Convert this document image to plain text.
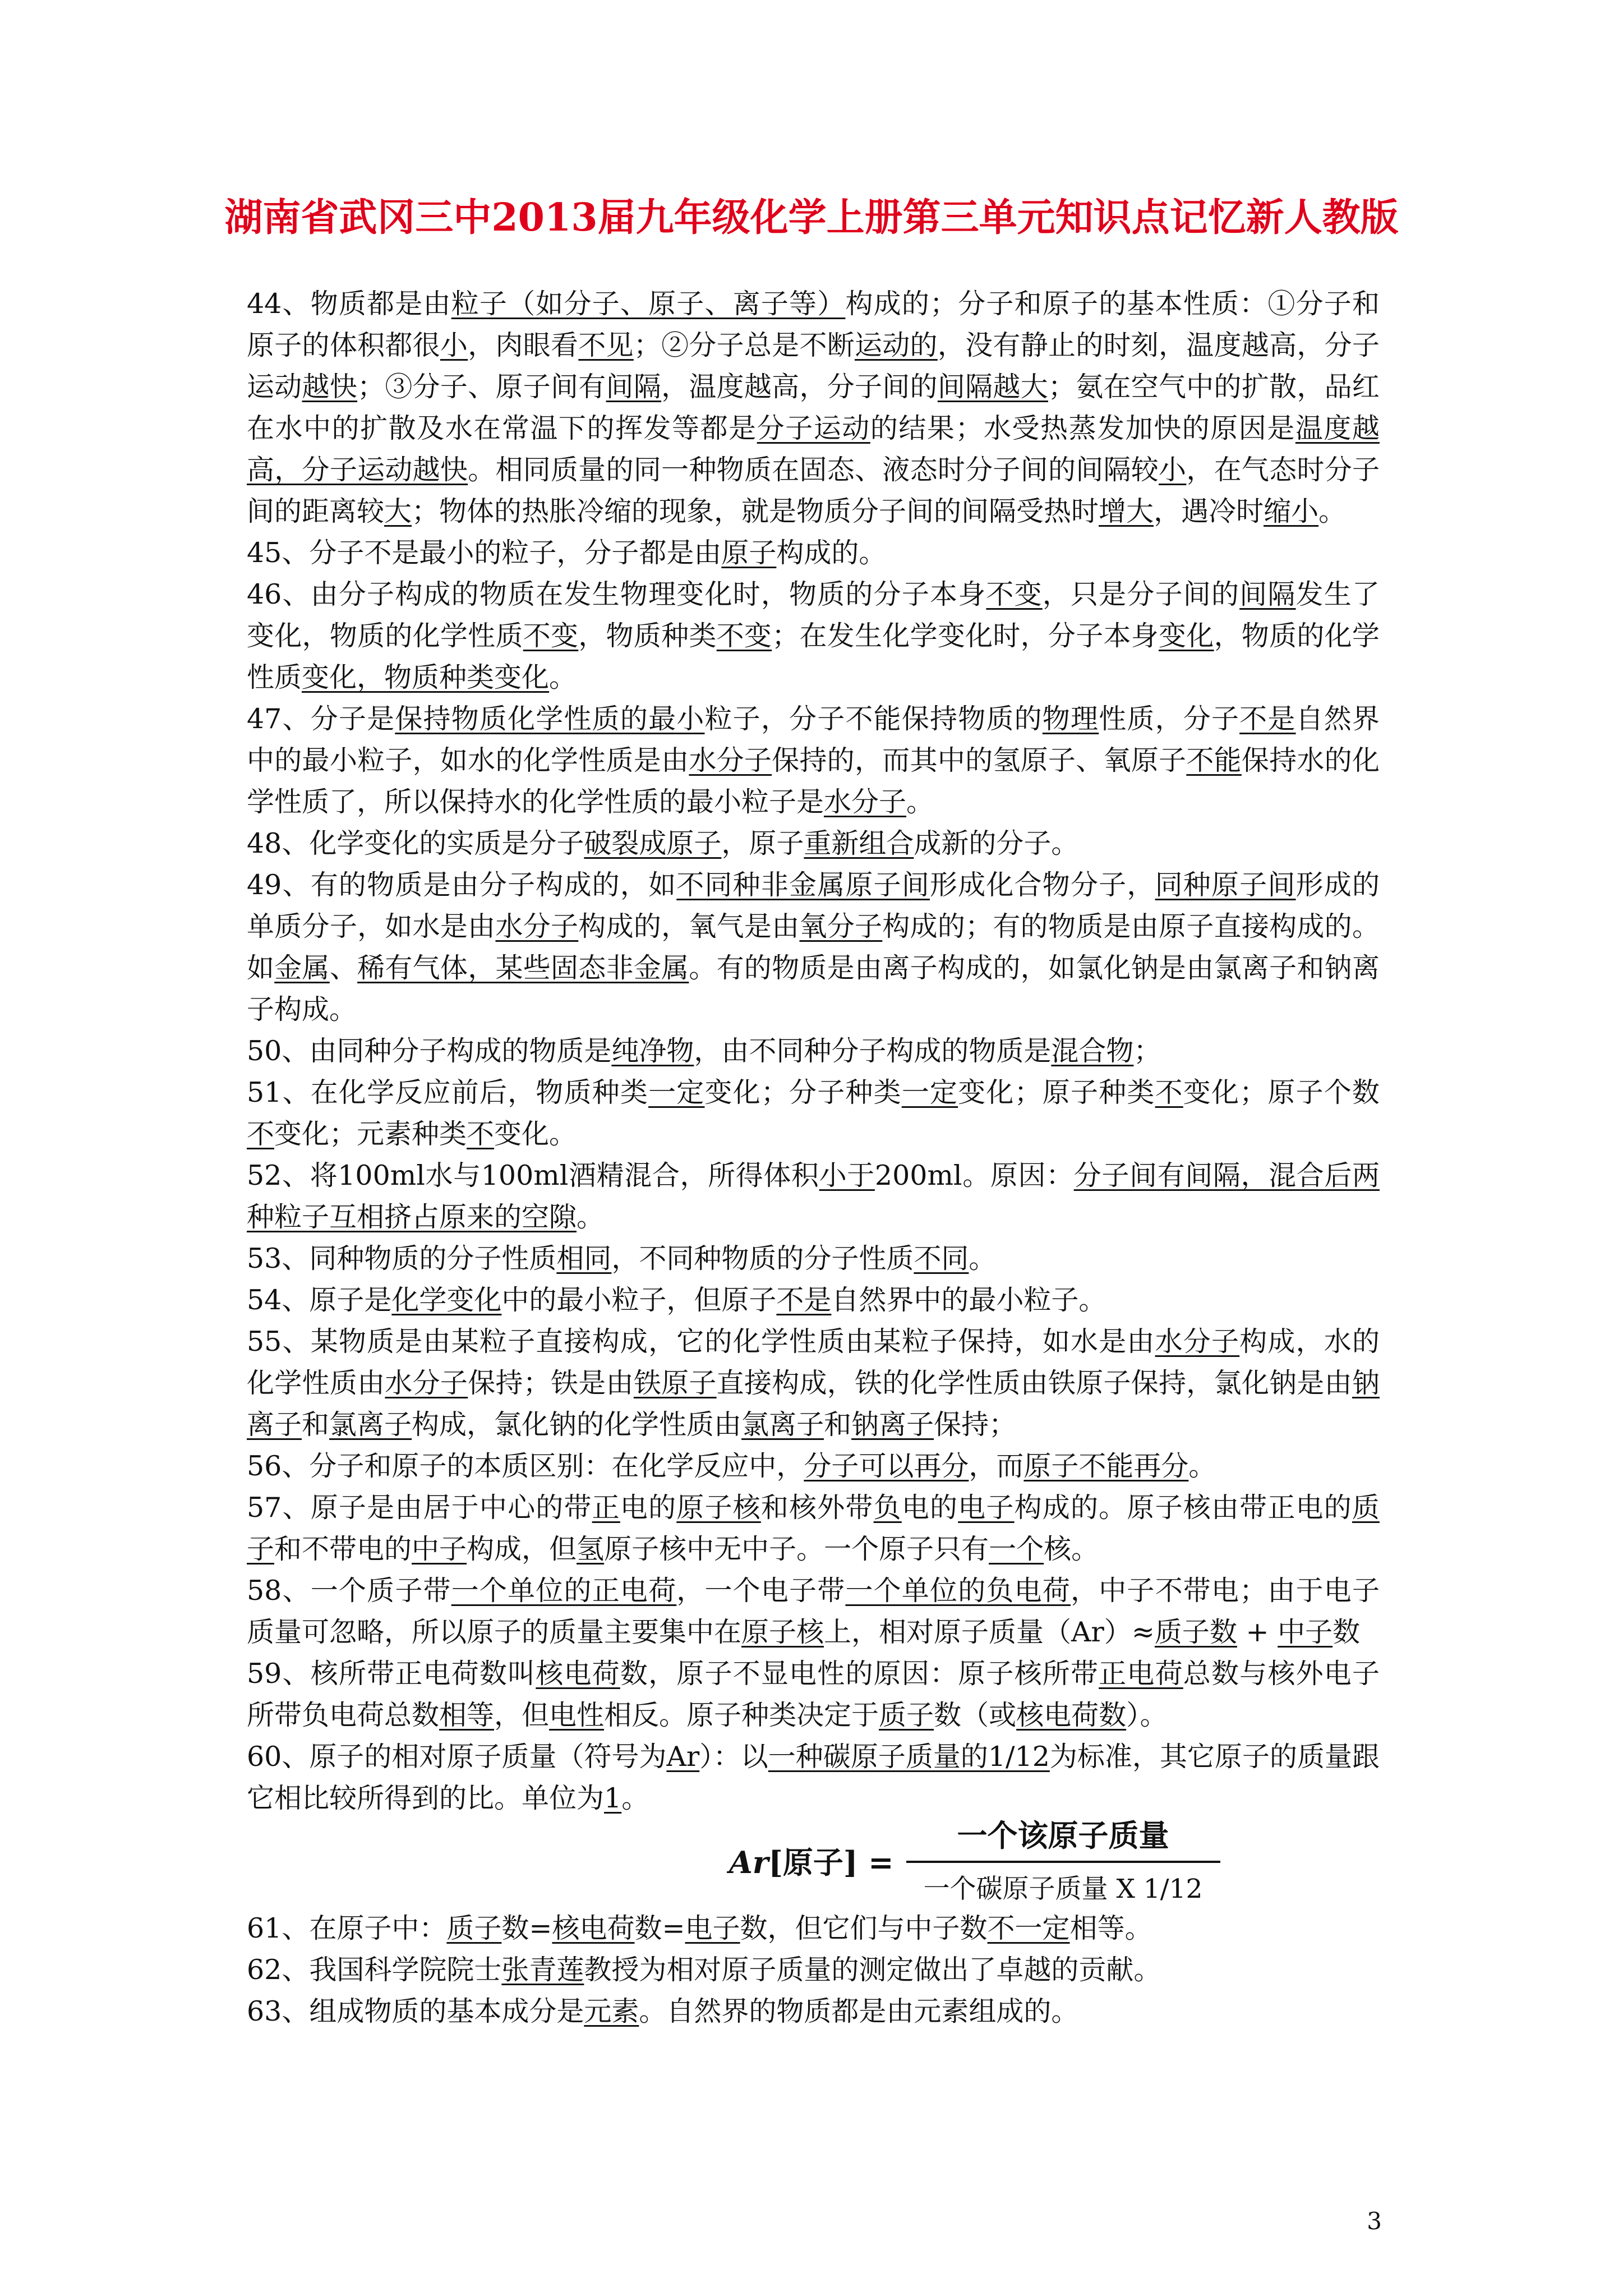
湖南省武冈三中2013届九年级化学上册第三单元知识点记忆新人教版

44、物质都是由粒子（如分子、原子、离子等）构成的；分子和原子的基本性质：①分子和原子的体积都很小，肉眼看不见；②分子总是不断运动的，没有静止的时刻，温度越高，分子运动越快；③分子、原子间有间隔，温度越高，分子间的间隔越大；氨在空气中的扩散，品红在水中的扩散及水在常温下的挥发等都是分子运动的结果；水受热蒸发加快的原因是温度越高，分子运动越快。相同质量的同一种物质在固态、液态时分子间的间隔较小，在气态时分子间的距离较大；物体的热胀冷缩的现象，就是物质分子间的间隔受热时增大，遇冷时缩小。

45、分子不是最小的粒子，分子都是由原子构成的。

46、由分子构成的物质在发生物理变化时，物质的分子本身不变，只是分子间的间隔发生了变化，物质的化学性质不变，物质种类不变；在发生化学变化时，分子本身变化，物质的化学性质变化，物质种类变化。

47、分子是保持物质化学性质的最小粒子，分子不能保持物质的物理性质，分子不是自然界中的最小粒子，如水的化学性质是由水分子保持的，而其中的氢原子、氧原子不能保持水的化学性质了，所以保持水的化学性质的最小粒子是水分子。

48、化学变化的实质是分子破裂成原子，原子重新组合成新的分子。

49、有的物质是由分子构成的，如不同种非金属原子间形成化合物分子，同种原子间形成的单质分子，如水是由水分子构成的，氧气是由氧分子构成的；有的物质是由原子直接构成的。如金属、稀有气体，某些固态非金属。有的物质是由离子构成的，如氯化钠是由氯离子和钠离子构成。

50、由同种分子构成的物质是纯净物，由不同种分子构成的物质是混合物；

51、在化学反应前后，物质种类一定变化；分子种类一定变化；原子种类不变化；原子个数不变化；元素种类不变化。

52、将100ml水与100ml酒精混合，所得体积小于200ml。原因：分子间有间隔，混合后两种粒子互相挤占原来的空隙。

53、同种物质的分子性质相同，不同种物质的分子性质不同。

54、原子是化学变化中的最小粒子，但原子不是自然界中的最小粒子。

55、某物质是由某粒子直接构成，它的化学性质由某粒子保持，如水是由水分子构成，水的化学性质由水分子保持；铁是由铁原子直接构成，铁的化学性质由铁原子保持，氯化钠是由钠离子和氯离子构成，氯化钠的化学性质由氯离子和钠离子保持；

56、分子和原子的本质区别：在化学反应中，分子可以再分，而原子不能再分。

57、原子是由居于中心的带正电的原子核和核外带负电的电子构成的。原子核由带正电的质子和不带电的中子构成，但氢原子核中无中子。一个原子只有一个核。

58、一个质子带一个单位的正电荷，一个电子带一个单位的负电荷，中子不带电；由于电子质量可忽略，所以原子的质量主要集中在原子核上，相对原子质量（Ar）≈质子数 + 中子数

59、核所带正电荷数叫核电荷数，原子不显电性的原因：原子核所带正电荷总数与核外电子所带负电荷总数相等，但电性相反。原子种类决定于质子数（或核电荷数）。

60、原子的相对原子质量（符号为Ar）：以一种碳原子质量的1/12为标准，其它原子的质量跟它相比较所得到的比。单位为1。

Ar[原子] = $\frac{\text{一个该原子质量}}{\text{一个碳原子质量 X 1/12}}$

61、在原子中：质子数=核电荷数=电子数，但它们与中子数不一定相等。

62、我国科学院院士张青莲教授为相对原子质量的测定做出了卓越的贡献。

63、组成物质的基本成分是元素。自然界的物质都是由元素组成的。

3
